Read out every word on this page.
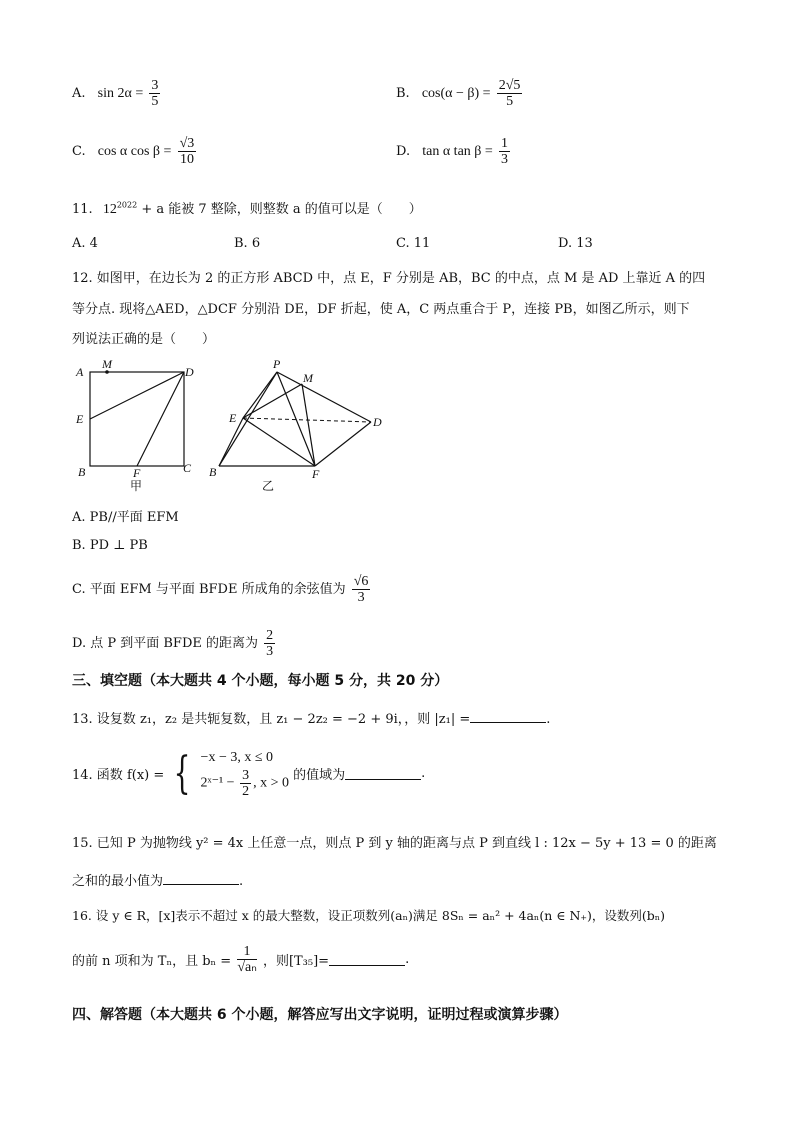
A. $\sin 2\alpha = \frac{3}{5}$	B. $\cos(\alpha - \beta) = \frac{2√5}{5}$
C. cos α $\cos \beta = \frac{√3}{10}$	D. tan α $\tan \beta = \frac{1}{3}$
11. $12^{2022} + a$ 能被 7 整除，则整数 a 的值可以是（　　）
A. 4	B. 6	C. 11	D. 13
12. 如图甲，在边长为 2 的正方形 ABCD 中，点 E，F 分别是 AB，BC 的中点，点 M 是 AD 上靠近 A 的四
等分点. 现将△AED，△DCF 分别沿 DE，DF 折起，使 A，C 两点重合于 P，连接 PB，如图乙所示，则下
列说法正确的是（　　）
A
M
D
E
B	F	C
甲
P
M
E	D
B	F
乙
A. PB//平面 EFM
B. PD ⊥ PB
C. 平面 EFM 与平面 BFDE 所成角的余弦值为 $\frac{√6}{3}$
D. 点 P 到平面 BFDE 的距离为 $\frac{2}{3}$
三、填空题（本大题共 4 个小题，每小题 5 分，共 20 分）
13. 设复数 z₁，z₂ 是共轭复数，且 z₁ − 2z₂ = −2 + 9i，，则 |z₁| =	.
14. 函数 f(x) = { −x − 3, x ≤ 0
2ˣ⁻¹ − $\frac{3}{2}$ , x > 0
的值域为	.
15. 已知 P 为抛物线 y² = 4x 上任意一点，则点 P 到 y 轴的距离与点 P 到直线 l : 12x − 5y + 13 = 0 的距离
之和的最小值为	.
16. 设 y ∈ R，[x]表示不超过 x 的最大整数，设正项数列(aₙ)满足 8Sₙ = aₙ² + 4aₙ(n ∈ N₊)，设数列(bₙ)
的前 n 项和为 Tₙ，且 $b_n = \frac{1}{\text{√aₙ}}$ ，则[T₃₅]=	.
四、解答题（本大题共 6 个小题，解答应写出文字说明，证明过程或演算步骤）
